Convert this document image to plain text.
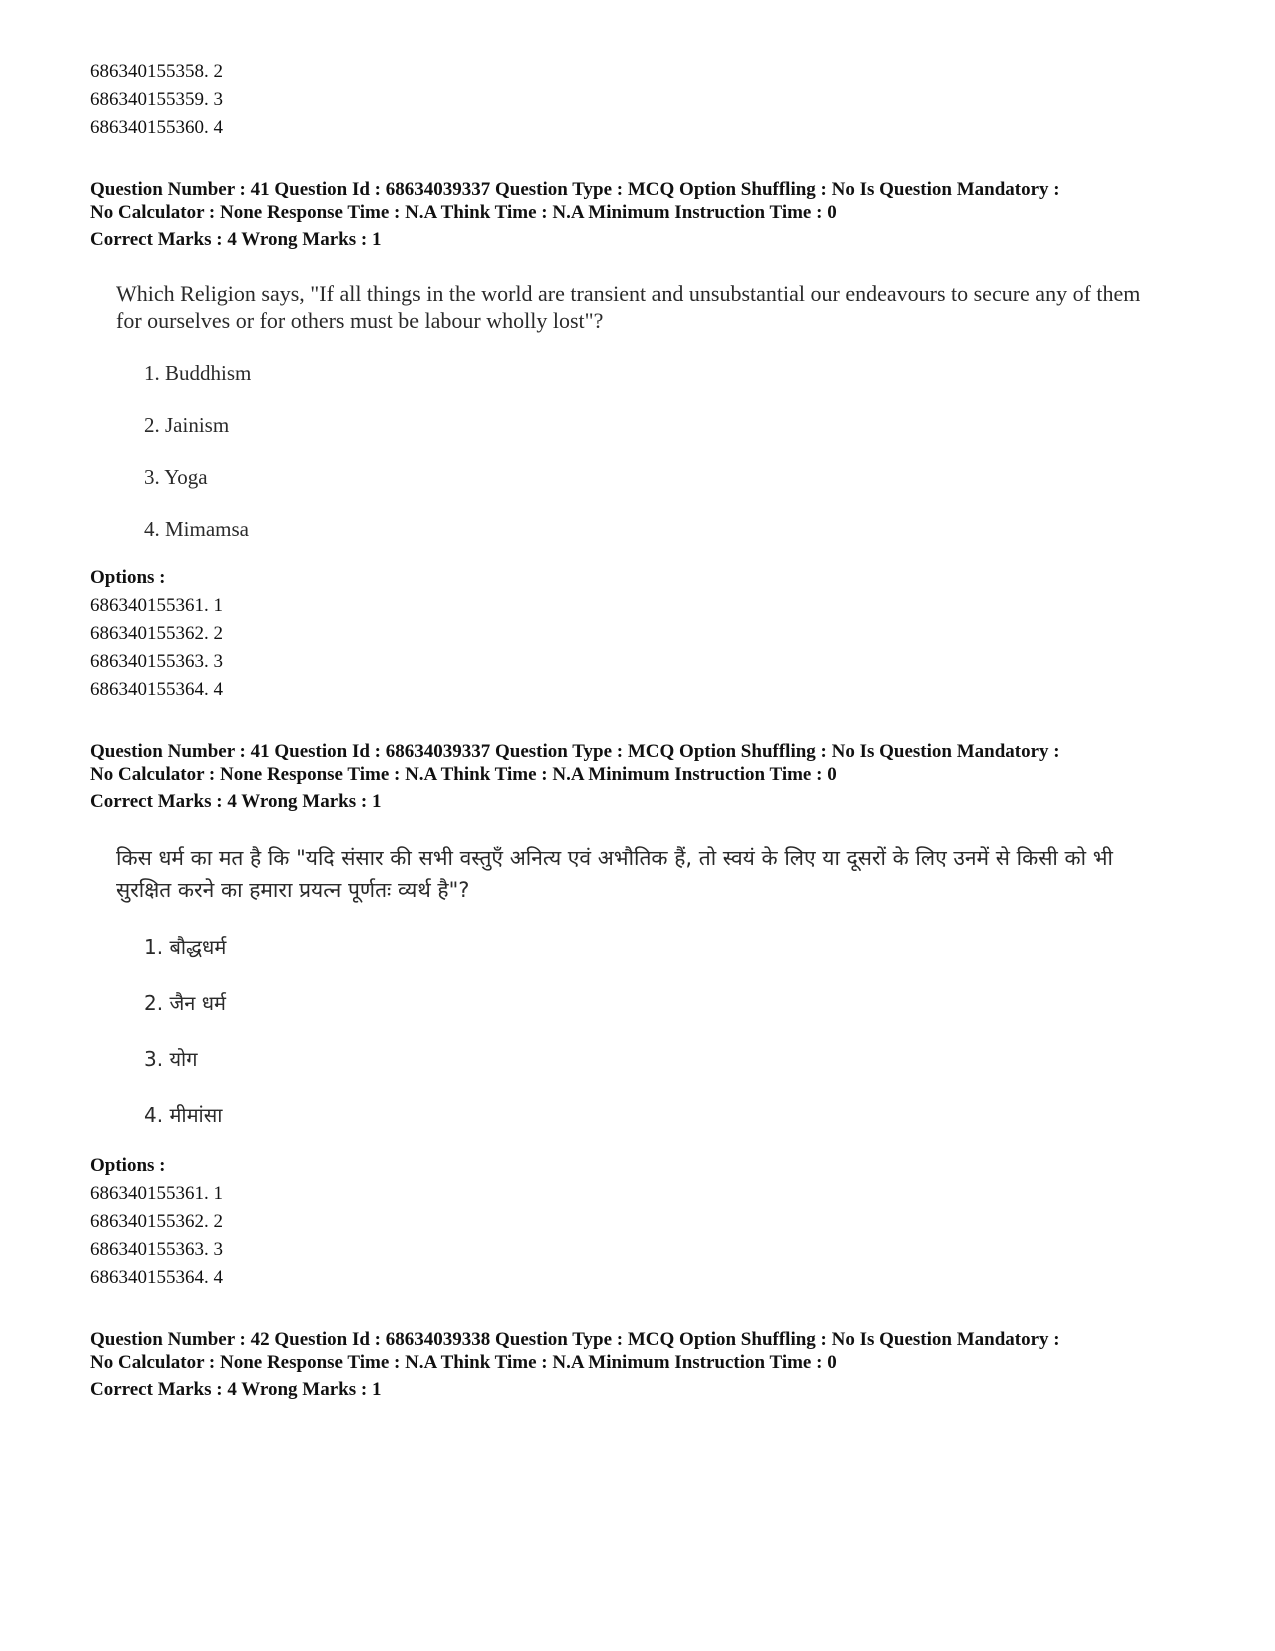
686340155358. 2

686340155359. 3

686340155360. 4

Question Number : 41 Question Id : 68634039337 Question Type : MCQ Option Shuffling : No Is Question Mandatory :

No Calculator : None Response Time : N.A Think Time : N.A Minimum Instruction Time : 0

Correct Marks : 4 Wrong Marks : 1

Which Religion says, "If all things in the world are transient and unsubstantial our endeavours to secure any of them for ourselves or for others must be labour wholly lost"?

1. Buddhism

2. Jainism

3. Yoga

4. Mimamsa

Options :

686340155361. 1

686340155362. 2

686340155363. 3

686340155364. 4

Question Number : 41 Question Id : 68634039337 Question Type : MCQ Option Shuffling : No Is Question Mandatory :

No Calculator : None Response Time : N.A Think Time : N.A Minimum Instruction Time : 0

Correct Marks : 4 Wrong Marks : 1

किस धर्म का मत है कि "यदि संसार की सभी वस्तुएँ अनित्य एवं अभौतिक हैं, तो स्वयं के लिए या दूसरों के लिए उनमें से किसी को भी सुरक्षित करने का हमारा प्रयत्न पूर्णतः व्यर्थ है"?

1. बौद्धधर्म

2. जैन धर्म

3. योग

4. मीमांसा

Options :

686340155361. 1

686340155362. 2

686340155363. 3

686340155364. 4

Question Number : 42 Question Id : 68634039338 Question Type : MCQ Option Shuffling : No Is Question Mandatory :

No Calculator : None Response Time : N.A Think Time : N.A Minimum Instruction Time : 0

Correct Marks : 4 Wrong Marks : 1
